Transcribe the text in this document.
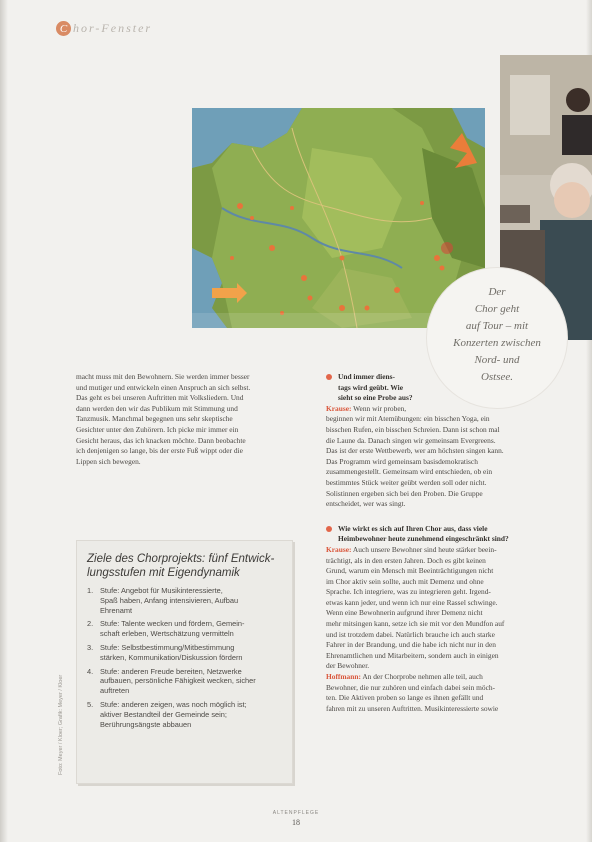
C hor-Fenster
Der
Chor geht
auf Tour – mit
Konzerten zwischen
Nord- und
Ostsee.

macht muss mit den Bewohnern. Sie werden immer besser

und mutiger und entwickeln einen Anspruch an sich selbst.

Das geht es bei unseren Auftritten mit Volksliedern. Und

dann werden den wir das Publikum mit Stimmung und

Tanzmusik. Manchmal begegnen uns sehr skeptische

Gesichter unter den Zuhörern. Ich picke mir immer ein

Gesicht heraus, das ich knacken möchte. Dann beobachte

ich denjenigen so lange, bis der erste Fuß wippt oder die

Lippen sich bewegen.

Und immer diens-
tags wird geübt. Wie
sieht so eine Probe aus?

Krause: Wenn wir proben,

beginnen wir mit Atemübungen: ein bisschen Yoga, ein

bisschen Rufen, ein bisschen Schreien. Dann ist schon mal

die Laune da. Danach singen wir gemeinsam Evergreens.

Das ist der erste Wettbewerb, wer am höchsten singen kann.

Das Programm wird gemeinsam basisdemokratisch

zusammengestellt. Gemeinsam wird entschieden, ob ein

bestimmtes Stück weiter geübt werden soll oder nicht.

Solistinnen ergeben sich bei den Proben. Die Gruppe

entscheidet, wer was singt.

Wie wirkt es sich auf Ihren Chor aus, dass viele
Heimbewohner heute zunehmend eingeschränkt sind?

Krause: Auch unsere Bewohner sind heute stärker beein-

trächtigt, als in den ersten Jahren. Doch es gibt keinen

Grund, warum ein Mensch mit Beeinträchtigungen nicht

im Chor aktiv sein sollte, auch mit Demenz und ohne

Sprache. Ich integriere, was zu integrieren geht. Irgend-

etwas kann jeder, und wenn ich nur eine Rassel schwinge.

Wenn eine Bewohnerin aufgrund ihrer Demenz nicht

mehr mitsingen kann, setze ich sie mit vor den Mundfon auf

und ist trotzdem dabei. Natürlich brauche ich auch starke

Fahrer in der Brandung, und die habe ich nicht nur in den

Ehrenamtlichen und Mitarbeitern, sondern auch in einigen

der Bewohner.

Hoffmann: An der Chorprobe nehmen alle teil, auch

Bewohner, die nur zuhören und einfach dabei sein möch-

ten. Die Aktiven proben so lange es ihnen gefällt und

fahren mit zu unseren Auftritten. Musikinteressierte sowie

Ziele des Chorprojekts: fünf Entwick-
lungsstufen mit Eigendynamik
1. Stufe: Angebot für Musikinteressierte,
Spaß haben, Anfang intensivieren, Aufbau
Ehrenamt
2. Stufe: Talente wecken und fördern, Gemein-
schaft erleben, Wertschätzung vermitteln
3. Stufe: Selbstbestimmung/Mitbestimmung
stärken, Kommunikation/Diskussion fördern
4. Stufe: anderen Freude bereiten, Netzwerke
aufbauen, persönliche Fähigkeit wecken, sicher
auftreten
5. Stufe: anderen zeigen, was noch möglich ist;
aktiver Bestandteil der Gemeinde sein;
Berührungsängste abbauen
Foto: Meyer / Kloer; Grafik: Meyer / Kloer
ALTENPFLEGE
18
